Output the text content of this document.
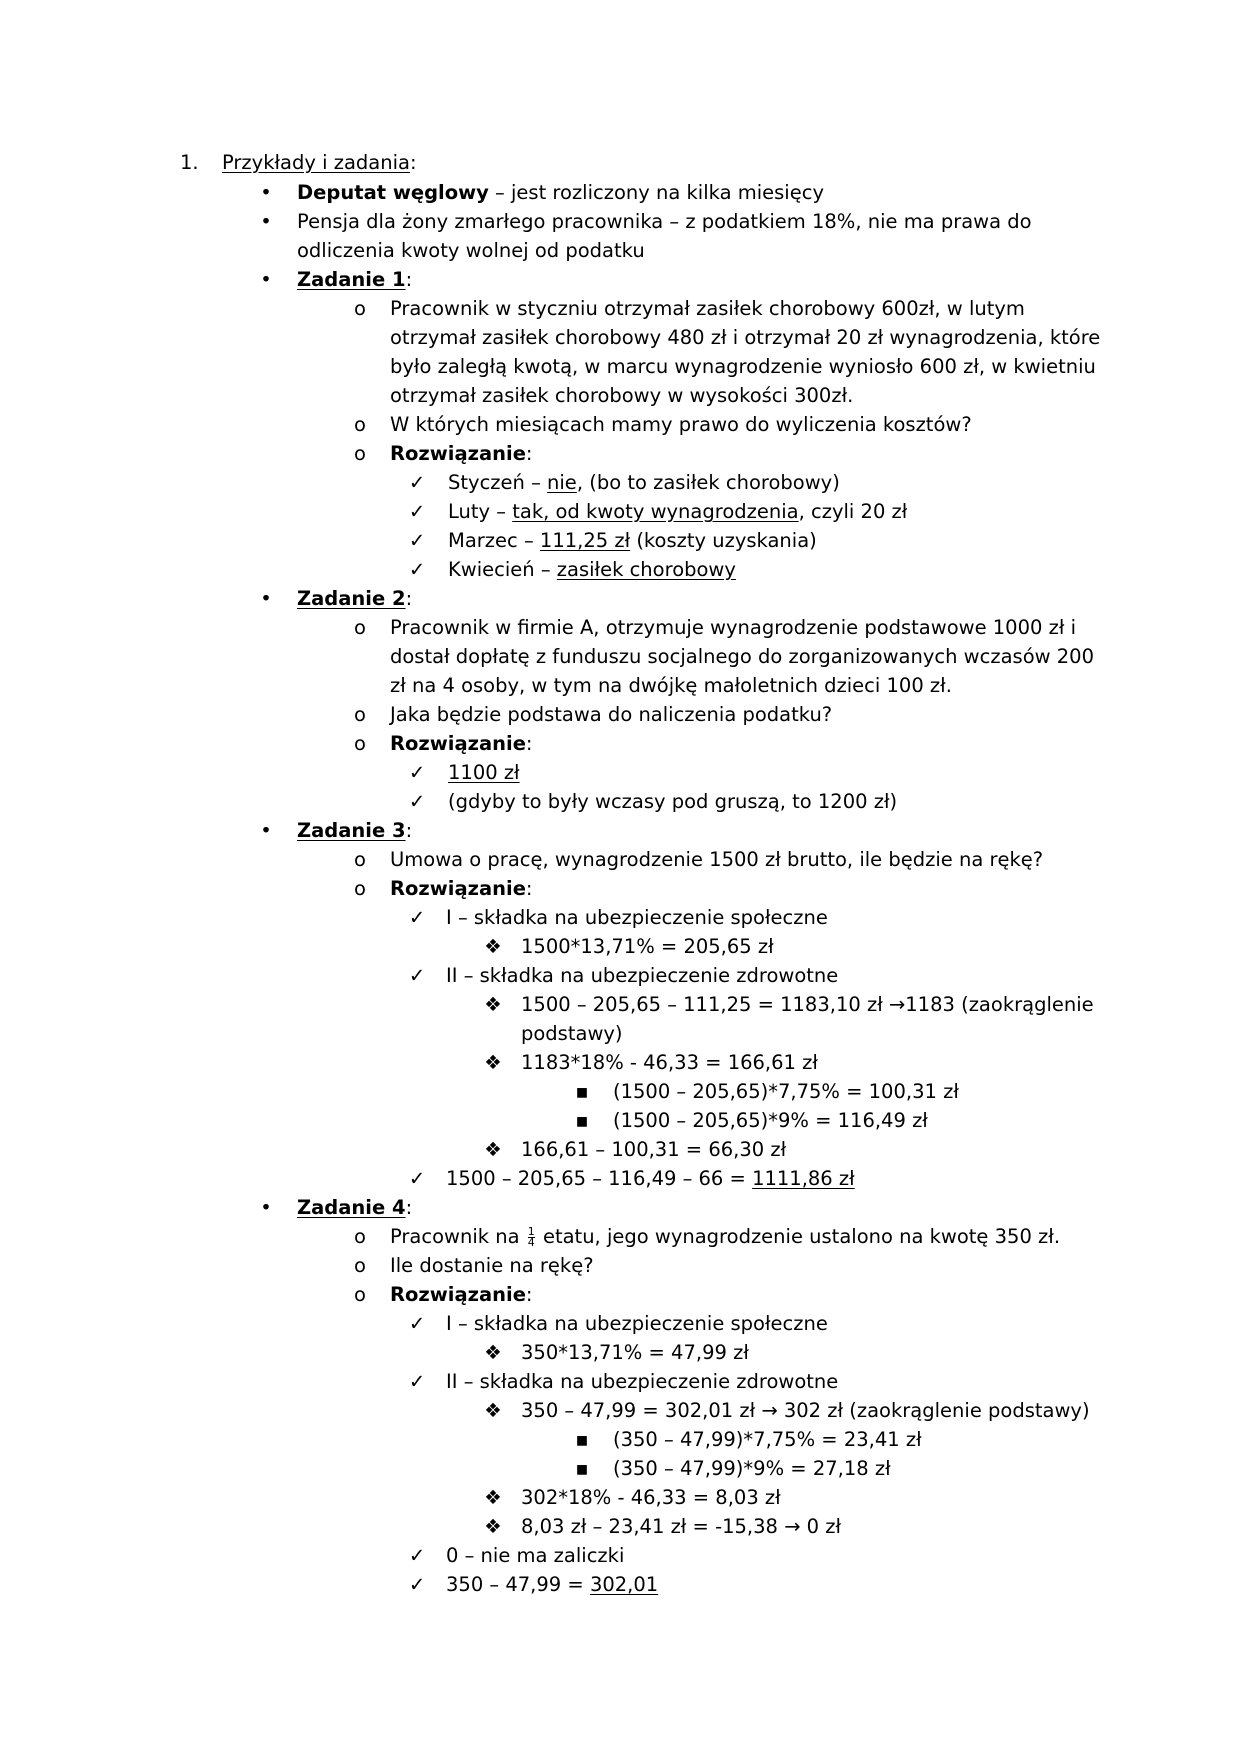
1.	Przykłady i zadania:
• Deputat węglowy – jest rozliczony na kilka miesięcy
• Pensja dla żony zmarłego pracownika – z podatkiem 18%, nie ma prawa do
odliczenia kwoty wolnej od podatku
• Zadanie 1:
o Pracownik w styczniu otrzymał zasiłek chorobowy 600zł, w lutym
otrzymał zasiłek chorobowy 480 zł i otrzymał 20 zł wynagrodzenia, które
było zaległą kwotą, w marcu wynagrodzenie wyniosło 600 zł, w kwietniu
otrzymał zasiłek chorobowy w wysokości 300zł.
o W których miesiącach mamy prawo do wyliczenia kosztów?
o Rozwiązanie:
✓ Styczeń – nie, (bo to zasiłek chorobowy)
✓ Luty – tak, od kwoty wynagrodzenia, czyli 20 zł
✓ Marzec – 111,25 zł (koszty uzyskania)
✓ Kwiecień – zasiłek chorobowy
• Zadanie 2:
o Pracownik w firmie A, otrzymuje wynagrodzenie podstawowe 1000 zł i
dostał dopłatę z funduszu socjalnego do zorganizowanych wczasów 200
zł na 4 osoby, w tym na dwójkę małoletnich dzieci 100 zł.
o Jaka będzie podstawa do naliczenia podatku?
o Rozwiązanie:
✓ 1100 zł
✓ (gdyby to były wczasy pod gruszą, to 1200 zł)
• Zadanie 3:
o Umowa o pracę, wynagrodzenie 1500 zł brutto, ile będzie na rękę?
o Rozwiązanie:
✓ I – składka na ubezpieczenie społeczne
❖ 1500*13,71% = 205,65 zł
✓ II – składka na ubezpieczenie zdrowotne
❖ 1500 – 205,65 – 111,25 = 1183,10 zł →1183 (zaokrąglenie
podstawy)
❖ 1183*18% - 46,33 = 166,61 zł
▪ (1500 – 205,65)*7,75% = 100,31 zł
▪ (1500 – 205,65)*9% = 116,49 zł
❖ 166,61 – 100,31 = 66,30 zł
✓ 1500 – 205,65 – 116,49 – 66 = 1111,86 zł
• Zadanie 4:
o Pracownik na $\frac{1}{4}$ etatu, jego wynagrodzenie ustalono na kwotę 350 zł.
o Ile dostanie na rękę?
o Rozwiązanie:
✓ I – składka na ubezpieczenie społeczne
❖ 350*13,71% = 47,99 zł
✓ II – składka na ubezpieczenie zdrowotne
❖ 350 – 47,99 = 302,01 zł → 302 zł (zaokrąglenie podstawy)
▪ (350 – 47,99)*7,75% = 23,41 zł
▪ (350 – 47,99)*9% = 27,18 zł
❖ 302*18% - 46,33 = 8,03 zł
❖ 8,03 zł – 23,41 zł = -15,38 → 0 zł
✓ 0 – nie ma zaliczki
✓ 350 – 47,99 = 302,01
